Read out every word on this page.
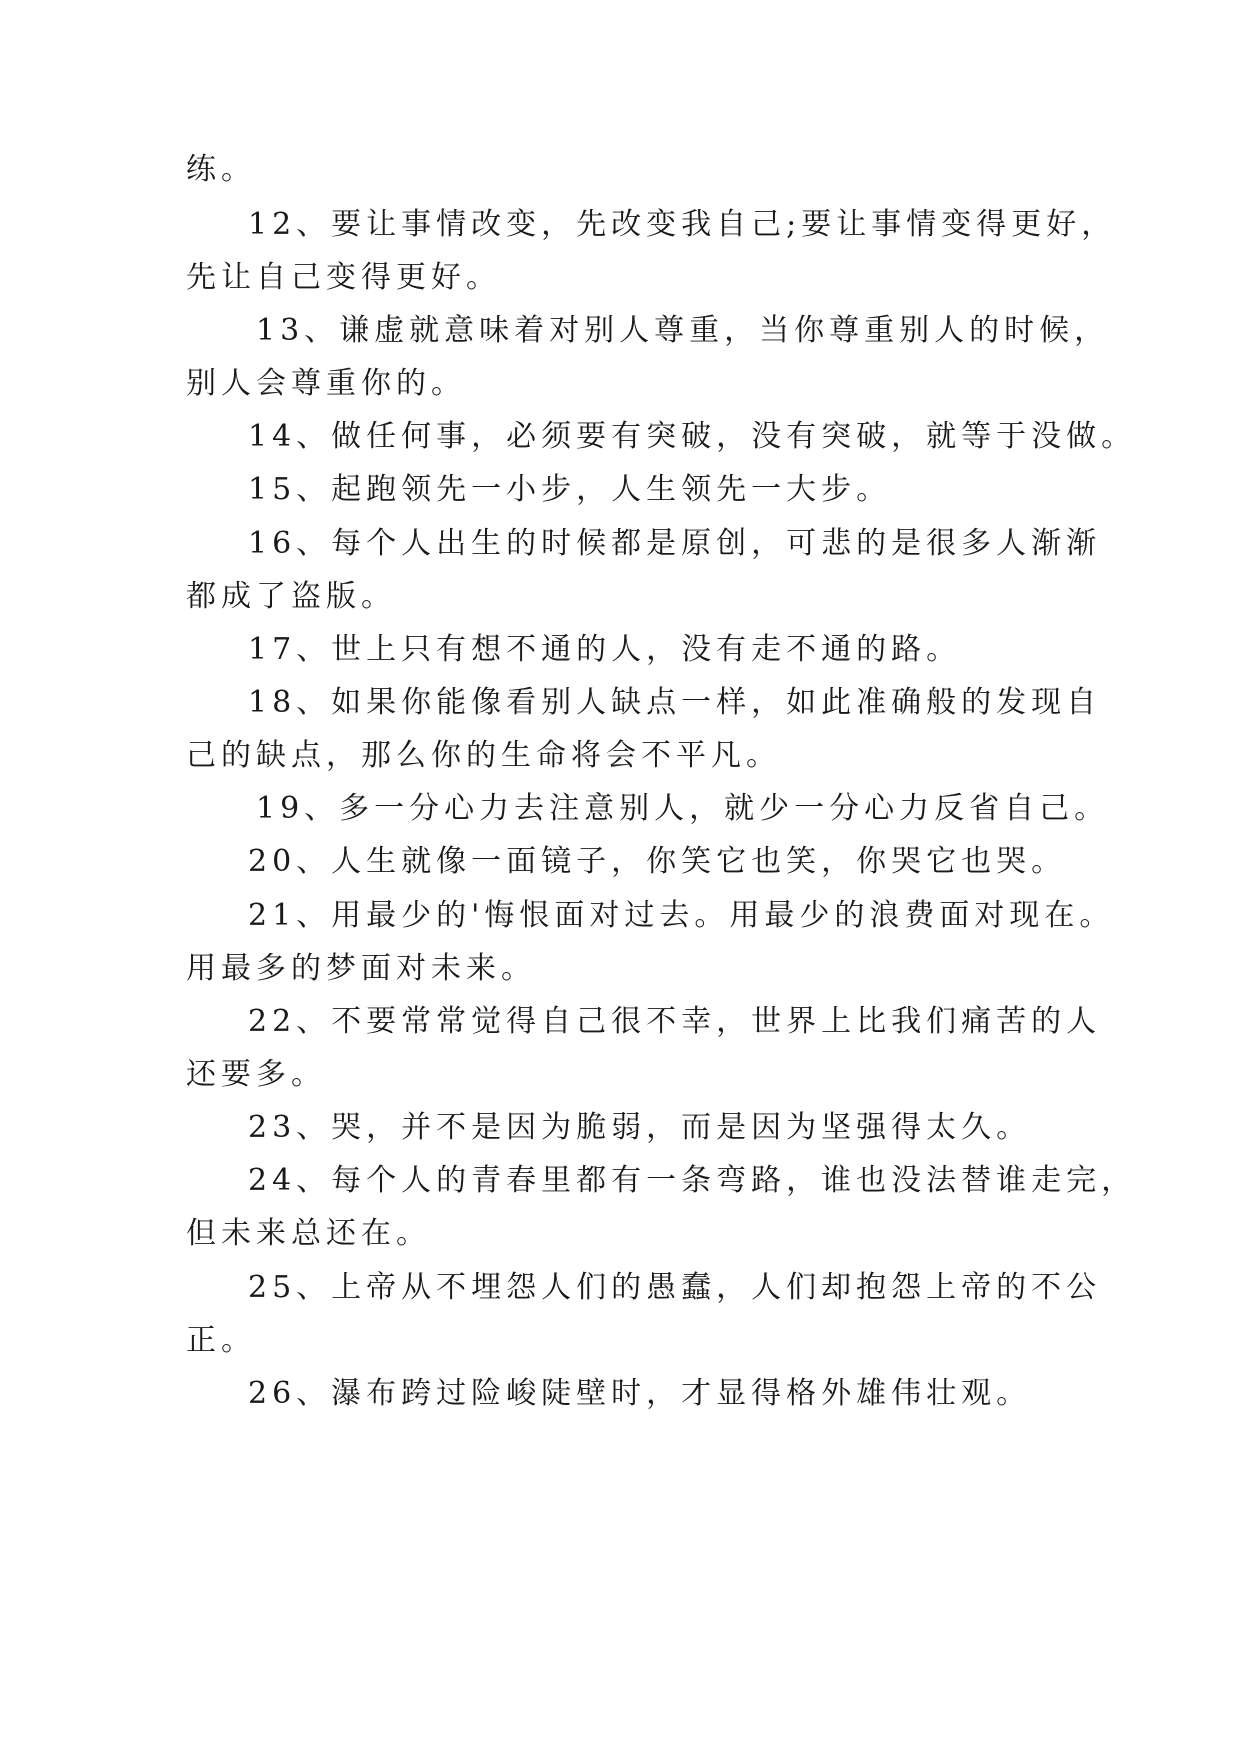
练。
12、要让事情改变，先改变我自己;要让事情变得更好，
先让自己变得更好。
13、谦虚就意味着对别人尊重，当你尊重别人的时候，
别人会尊重你的。
14、做任何事，必须要有突破，没有突破，就等于没做。
15、起跑领先一小步，人生领先一大步。
16、每个人出生的时候都是原创，可悲的是很多人渐渐
都成了盗版。
17、世上只有想不通的人，没有走不通的路。
18、如果你能像看别人缺点一样，如此准确般的发现自
己的缺点，那么你的生命将会不平凡。
19、多一分心力去注意别人，就少一分心力反省自己。
20、人生就像一面镜子，你笑它也笑，你哭它也哭。
21、用最少的'悔恨面对过去。用最少的浪费面对现在。
用最多的梦面对未来。
22、不要常常觉得自己很不幸，世界上比我们痛苦的人
还要多。
23、哭，并不是因为脆弱，而是因为坚强得太久。
24、每个人的青春里都有一条弯路，谁也没法替谁走完，
但未来总还在。
25、上帝从不埋怨人们的愚蠢，人们却抱怨上帝的不公
正。
26、瀑布跨过险峻陡壁时，才显得格外雄伟壮观。
